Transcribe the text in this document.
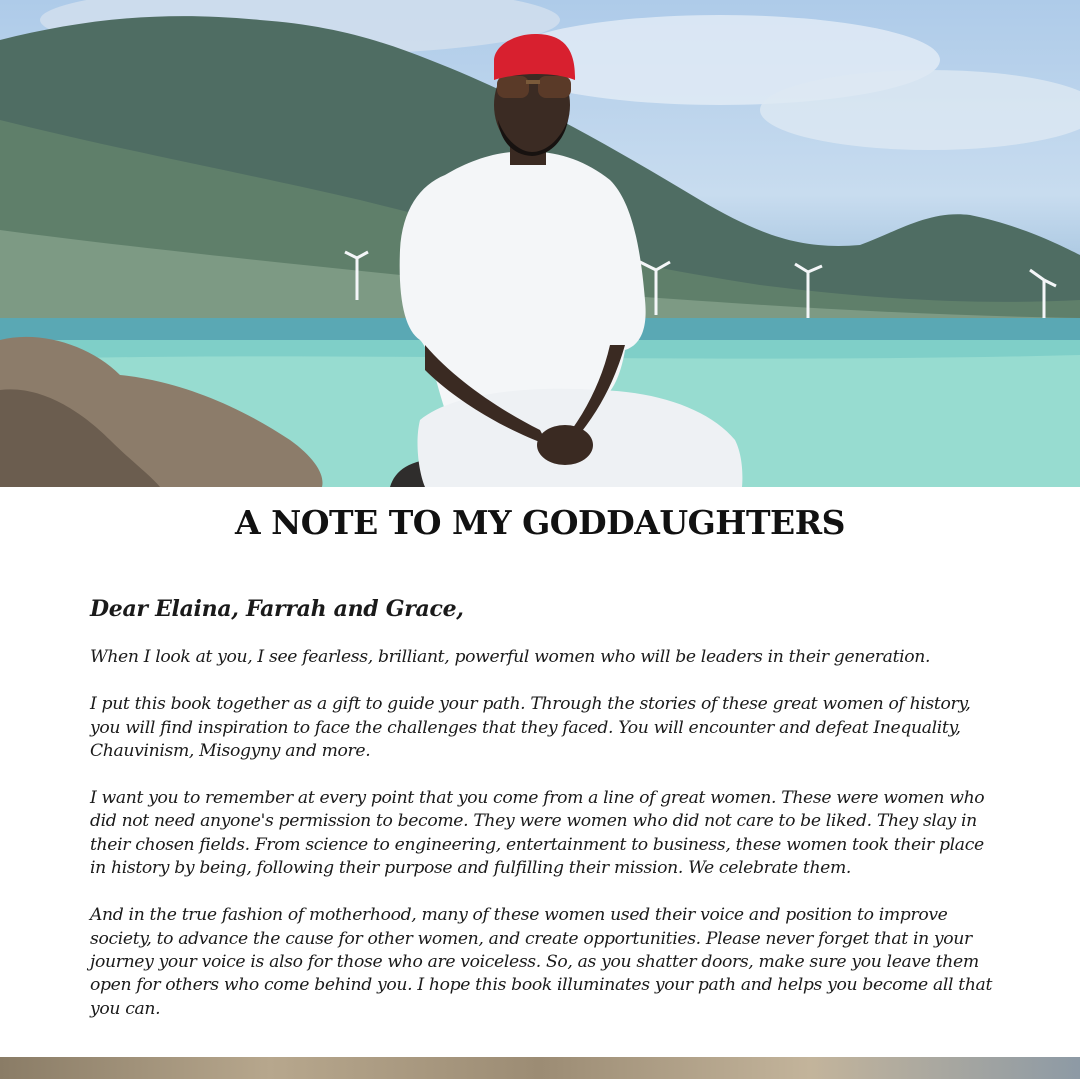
A NOTE TO MY GODDAUGHTERS

Dear Elaina, Farrah and Grace,

When I look at you, I see fearless, brilliant, powerful women who will be leaders in their generation.

I put this book together as a gift to guide your path. Through the stories of these great women of history, you will find inspiration to face the challenges that they faced. You will encounter and defeat Inequality, Chauvinism, Misogyny and more.

I want you to remember at every point that you come from a line of great women. These were women who did not need anyone's permission to become. They were women who did not care to be liked. They slay in their chosen fields. From science to engineering, entertainment to business, these women took their place in history by being, following their purpose and fulfilling their mission. We celebrate them.

And in the true fashion of motherhood, many of these women used their voice and position to improve society, to advance the cause for other women, and create opportunities. Please never forget that in your journey your voice is also for those who are voiceless. So, as you shatter doors, make sure you leave them open for others who come behind you. I hope this book illuminates your path and helps you become all that you can.
